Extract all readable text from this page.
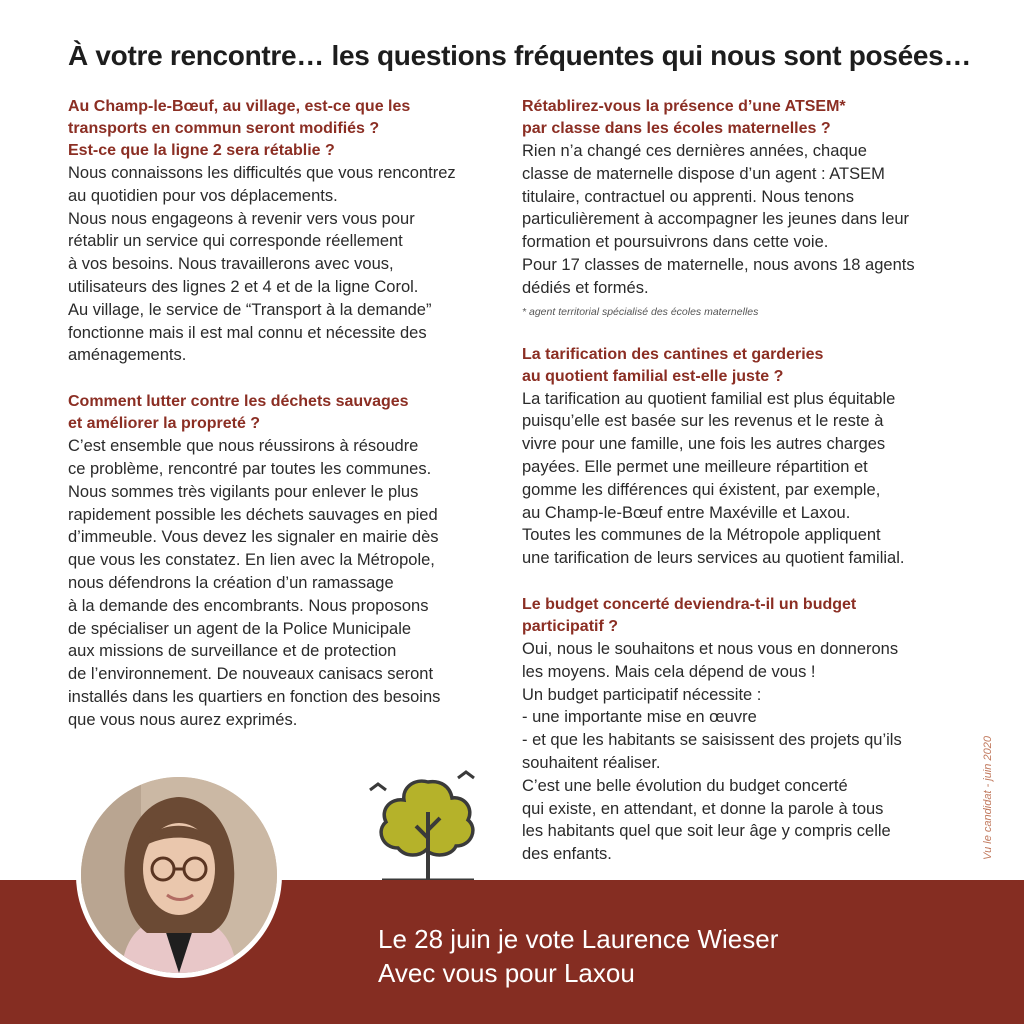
À votre rencontre… les questions fréquentes qui nous sont posées…

Au Champ-le-Bœuf, au village, est-ce que les
transports en commun seront modifiés ?
Est-ce que la ligne 2 sera rétablie ?

Nous connaissons les difficultés que vous rencontrez
au quotidien pour vos déplacements.
Nous nous engageons à revenir vers vous pour
rétablir un service qui corresponde réellement
à vos besoins. Nous travaillerons avec vous,
utilisateurs des lignes 2 et 4 et de la ligne Corol.
Au village, le service de “Transport à la demande”
fonctionne mais il est mal connu et nécessite des
aménagements.

Comment lutter contre les déchets sauvages
et améliorer la propreté ?

C’est ensemble que nous réussirons à résoudre
ce problème, rencontré par toutes les communes.
Nous sommes très vigilants pour enlever le plus
rapidement possible les déchets sauvages en pied
d’immeuble. Vous devez les signaler en mairie dès
que vous les constatez. En lien avec la Métropole,
nous défendrons la création d’un ramassage
à la demande des encombrants. Nous proposons
de spécialiser un agent de la Police Municipale
aux missions de surveillance et de protection
de l’environnement. De nouveaux canisacs seront
installés dans les quartiers en fonction des besoins
que vous nous aurez exprimés.

Rétablirez-vous la présence d’une ATSEM*
par classe dans les écoles maternelles ?

Rien n’a changé ces dernières années, chaque
classe de maternelle dispose d’un agent : ATSEM
titulaire, contractuel ou apprenti. Nous tenons
particulièrement à accompagner les jeunes dans leur
formation et poursuivrons dans cette voie.
Pour 17 classes de maternelle, nous avons 18 agents
dédiés et formés.

* agent territorial spécialisé des écoles maternelles

La tarification des cantines et garderies
au quotient familial est-elle juste ?

La tarification au quotient familial est plus équitable
puisqu’elle est basée sur les revenus et le reste à
vivre pour une famille, une fois les autres charges
payées. Elle permet une meilleure répartition et
gomme les différences qui éxistent, par exemple,
au Champ-le-Bœuf entre Maxéville et Laxou.
Toutes les communes de la Métropole appliquent
une tarification de leurs services au quotient familial.

Le budget concerté deviendra-t-il un budget
participatif ?

Oui, nous le souhaitons et nous vous en donnerons
les moyens. Mais cela dépend de vous !
Un budget participatif nécessite :
- une importante mise en œuvre
- et que les habitants se saisissent des projets qu’ils
souhaitent réaliser.
C’est une belle évolution du budget concerté
qui existe, en attendant, et donne la parole à tous
les habitants quel que soit leur âge y compris celle
des enfants.	Vu le candidat - juin 2020
Le 28 juin je vote Laurence Wieser
Avec vous pour Laxou
